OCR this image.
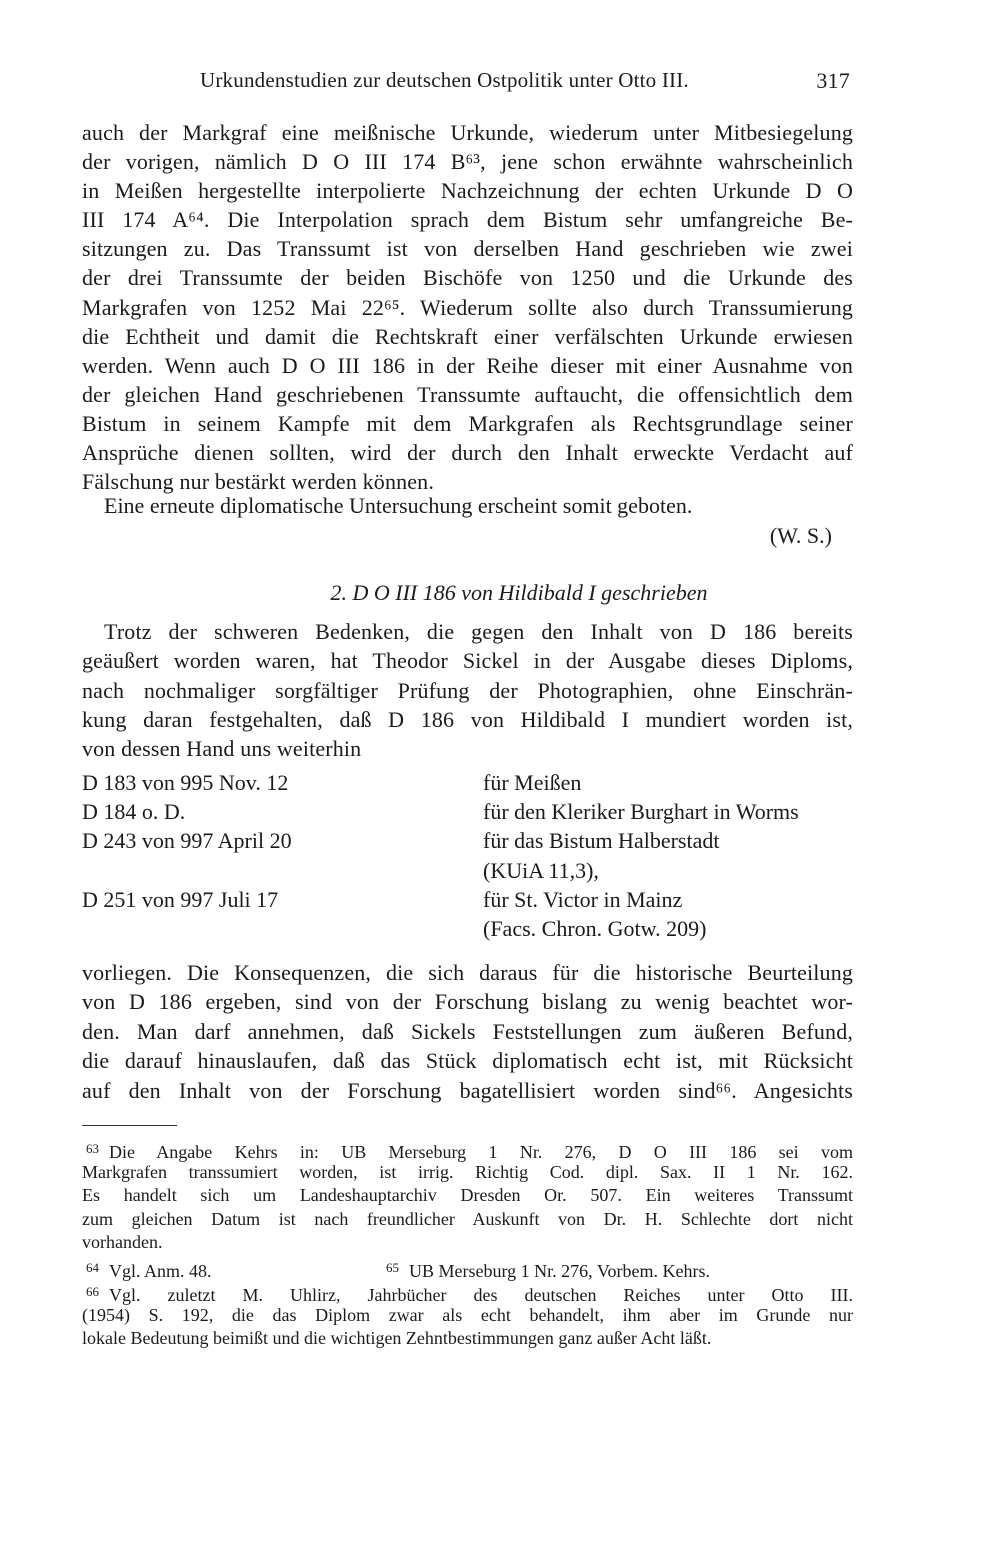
Urkundenstudien zur deutschen Ostpolitik unter Otto III.	317
auch der Markgraf eine meißnische Urkunde, wiederum unter Mitbesiegelung
der vorigen, nämlich D O III 174 B⁶³, jene schon erwähnte wahrscheinlich
in Meißen hergestellte interpolierte Nachzeichnung der echten Urkunde D O
III 174 A⁶⁴. Die Interpolation sprach dem Bistum sehr umfangreiche Be-
sitzungen zu. Das Transsumt ist von derselben Hand geschrieben wie zwei
der drei Transsumte der beiden Bischöfe von 1250 und die Urkunde des
Markgrafen von 1252 Mai 22⁶⁵. Wiederum sollte also durch Transsumierung
die Echtheit und damit die Rechtskraft einer verfälschten Urkunde erwiesen
werden. Wenn auch D O III 186 in der Reihe dieser mit einer Ausnahme von
der gleichen Hand geschriebenen Transsumte auftaucht, die offensichtlich dem
Bistum in seinem Kampfe mit dem Markgrafen als Rechtsgrundlage seiner
Ansprüche dienen sollten, wird der durch den Inhalt erweckte Verdacht auf
Fälschung nur bestärkt werden können.
Eine erneute diplomatische Untersuchung erscheint somit geboten.
(W. S.)
2. D O III 186 von Hildibald I geschrieben
Trotz der schweren Bedenken, die gegen den Inhalt von D 186 bereits
geäußert worden waren, hat Theodor Sickel in der Ausgabe dieses Diploms,
nach nochmaliger sorgfältiger Prüfung der Photographien, ohne Einschrän-
kung daran festgehalten, daß D 186 von Hildibald I mundiert worden ist,
von dessen Hand uns weiterhin
D 183 von 995 Nov. 12	für Meißen
D 184 o. D.	für den Kleriker Burghart in Worms
D 243 von 997 April 20	für das Bistum Halberstadt
(KUiA 11,3),
D 251 von 997 Juli 17	für St. Victor in Mainz
(Facs. Chron. Gotw. 209)
vorliegen. Die Konsequenzen, die sich daraus für die historische Beurteilung
von D 186 ergeben, sind von der Forschung bislang zu wenig beachtet wor-
den. Man darf annehmen, daß Sickels Feststellungen zum äußeren Befund,
die darauf hinauslaufen, daß das Stück diplomatisch echt ist, mit Rücksicht
auf den Inhalt von der Forschung bagatellisiert worden sind⁶⁶. Angesichts
$^{63}$ Die Angabe Kehrs in: UB Merseburg 1 Nr. 276, D O III 186 sei vom
Markgrafen transsumiert worden, ist irrig. Richtig Cod. dipl. Sax. II 1 Nr. 162.
Es handelt sich um Landeshauptarchiv Dresden Or. 507. Ein weiteres Transsumt
zum gleichen Datum ist nach freundlicher Auskunft von Dr. H. Schlechte dort nicht
vorhanden.
$^{64}$ Vgl. Anm. 48.	$^{65}$ UB Merseburg 1 Nr. 276, Vorbem. Kehrs.
$^{66}$ Vgl. zuletzt M. Uhlirz, Jahrbücher des deutschen Reiches unter Otto III.
(1954) S. 192, die das Diplom zwar als echt behandelt, ihm aber im Grunde nur
lokale Bedeutung beimißt und die wichtigen Zehntbestimmungen ganz außer Acht läßt.
